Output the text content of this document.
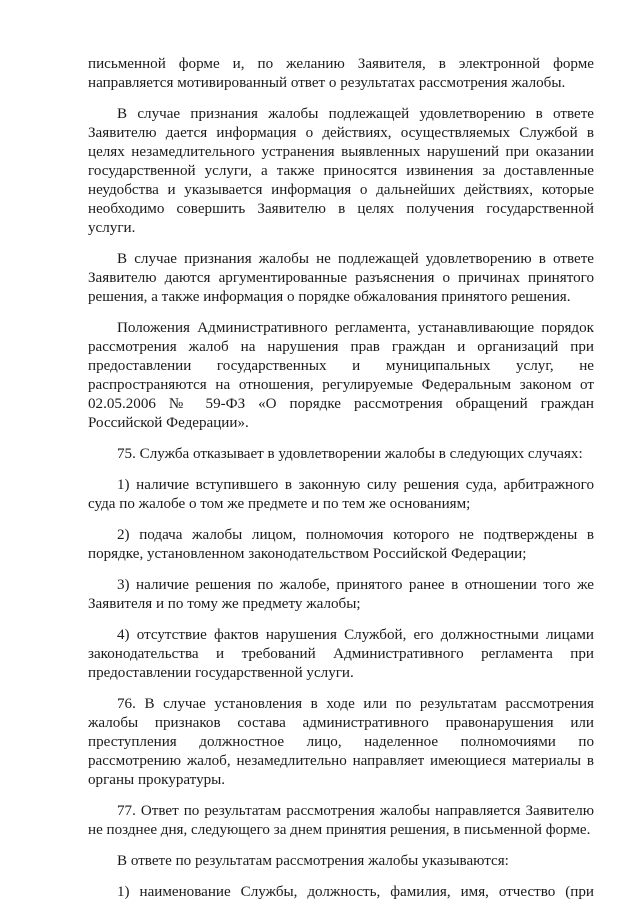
письменной форме и, по желанию Заявителя, в электронной форме направляется мотивированный ответ о результатах рассмотрения жалобы.

В случае признания жалобы подлежащей удовлетворению в ответе Заявителю дается информация о действиях, осуществляемых Службой в целях незамедлительного устранения выявленных нарушений при оказании государственной услуги, а также приносятся извинения за доставленные неудобства и указывается информация о дальнейших действиях, которые необходимо совершить Заявителю в целях получения государственной услуги.

В случае признания жалобы не подлежащей удовлетворению в ответе Заявителю даются аргументированные разъяснения о причинах принятого решения, а также информация о порядке обжалования принятого решения.

Положения Административного регламента, устанавливающие порядок рассмотрения жалоб на нарушения прав граждан и организаций при предоставлении государственных и муниципальных услуг, не распространяются на отношения, регулируемые Федеральным законом от 02.05.2006 № 59-ФЗ «О порядке рассмотрения обращений граждан Российской Федерации».

75. Служба отказывает в удовлетворении жалобы в следующих случаях:

1) наличие вступившего в законную силу решения суда, арбитражного суда по жалобе о том же предмете и по тем же основаниям;

2) подача жалобы лицом, полномочия которого не подтверждены в порядке, установленном законодательством Российской Федерации;

3) наличие решения по жалобе, принятого ранее в отношении того же Заявителя и по тому же предмету жалобы;

4) отсутствие фактов нарушения Службой, его должностными лицами законодательства и требований Административного регламента при предоставлении государственной услуги.

76. В случае установления в ходе или по результатам рассмотрения жалобы признаков состава административного правонарушения или преступления должностное лицо, наделенное полномочиями по рассмотрению жалоб, незамедлительно направляет имеющиеся материалы в органы прокуратуры.

77. Ответ по результатам рассмотрения жалобы направляется Заявителю не позднее дня, следующего за днем принятия решения, в письменной форме.

В ответе по результатам рассмотрения жалобы указываются:

1) наименование Службы, должность, фамилия, имя, отчество (при
